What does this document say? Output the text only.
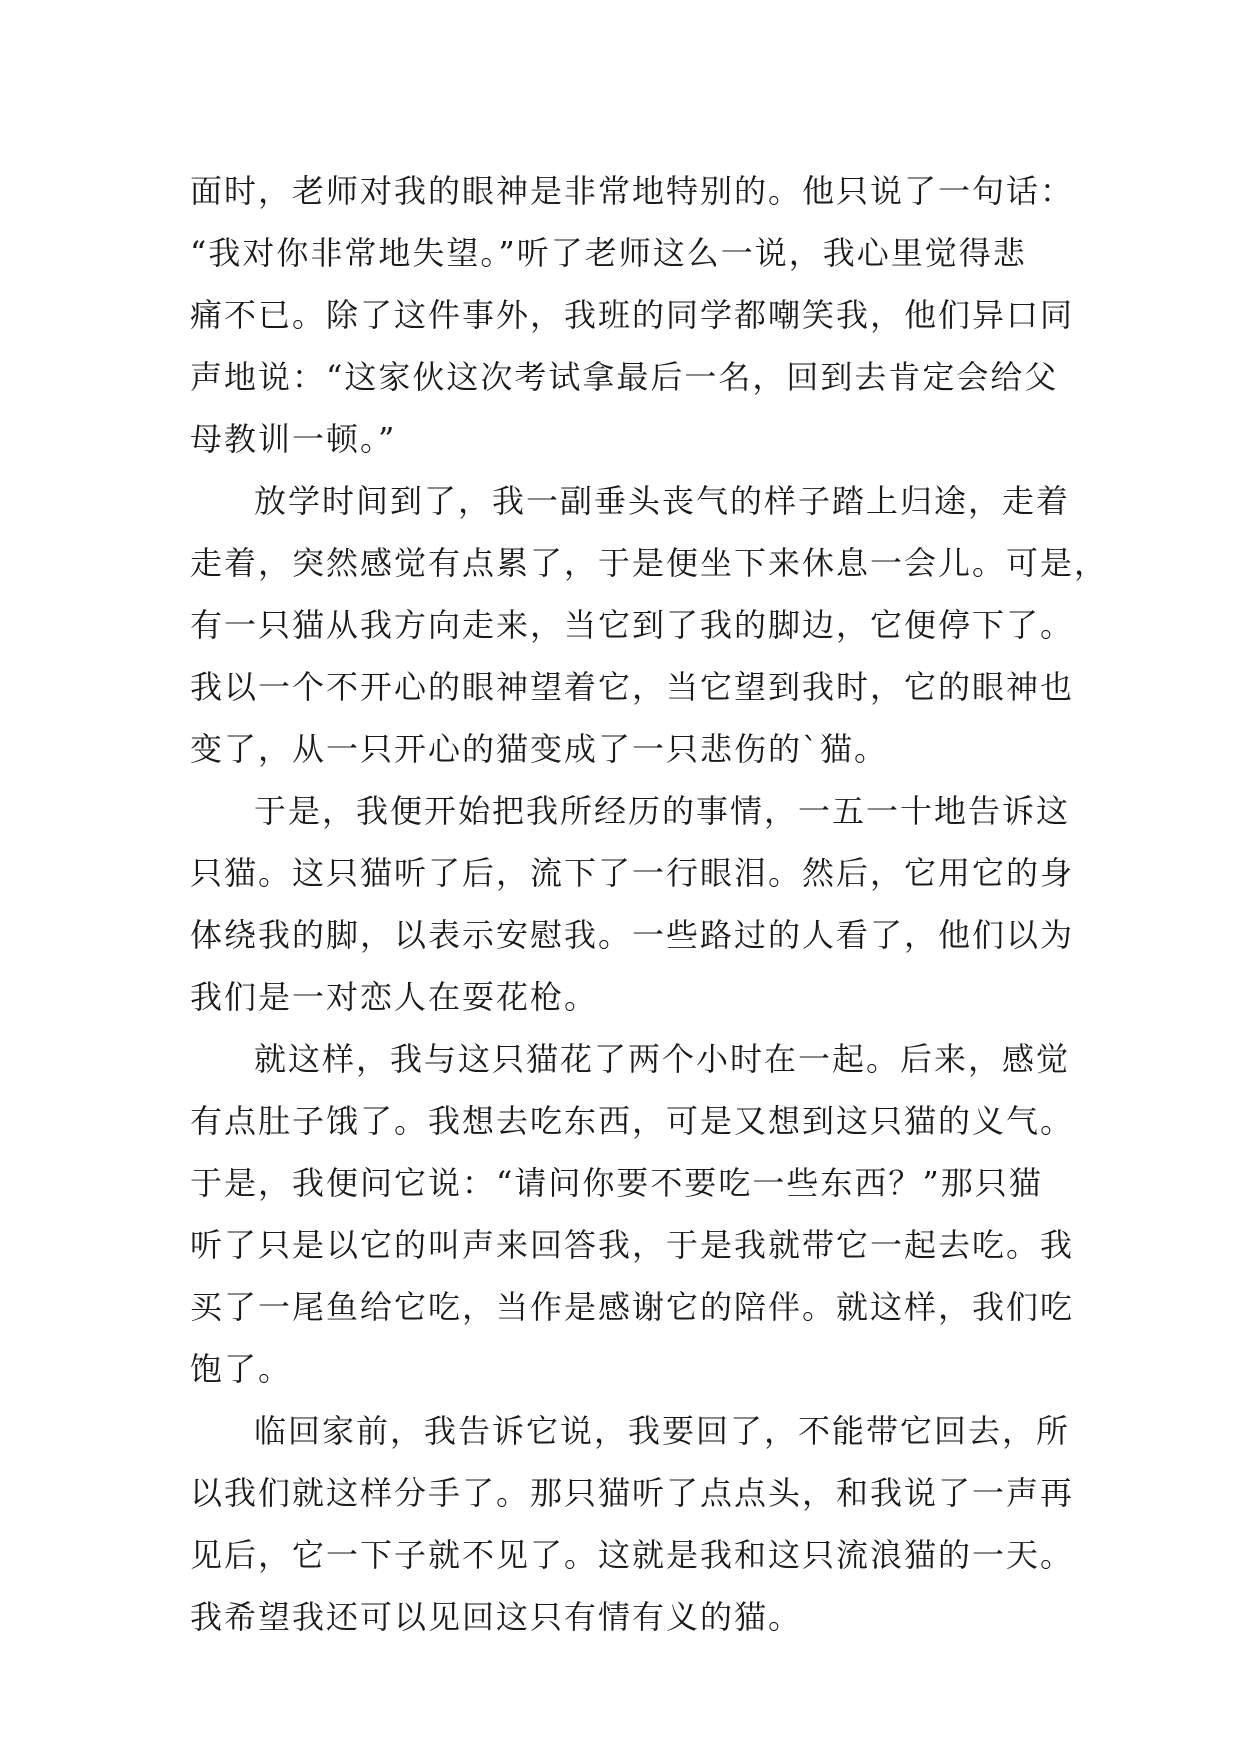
面时，老师对我的眼神是非常地特别的。他只说了一句话：
“我对你非常地失望。”听了老师这么一说，我心里觉得悲
痛不已。除了这件事外，我班的同学都嘲笑我，他们异口同
声地说：“这家伙这次考试拿最后一名，回到去肯定会给父
母教训一顿。”
放学时间到了，我一副垂头丧气的样子踏上归途，走着
走着，突然感觉有点累了，于是便坐下来休息一会儿。可是，
有一只猫从我方向走来，当它到了我的脚边，它便停下了。
我以一个不开心的眼神望着它，当它望到我时，它的眼神也
变了，从一只开心的猫变成了一只悲伤的`猫。
于是，我便开始把我所经历的事情，一五一十地告诉这
只猫。这只猫听了后，流下了一行眼泪。然后，它用它的身
体绕我的脚，以表示安慰我。一些路过的人看了，他们以为
我们是一对恋人在耍花枪。
就这样，我与这只猫花了两个小时在一起。后来，感觉
有点肚子饿了。我想去吃东西，可是又想到这只猫的义气。
于是，我便问它说：“请问你要不要吃一些东西？”那只猫
听了只是以它的叫声来回答我，于是我就带它一起去吃。我
买了一尾鱼给它吃，当作是感谢它的陪伴。就这样，我们吃
饱了。
临回家前，我告诉它说，我要回了，不能带它回去，所
以我们就这样分手了。那只猫听了点点头，和我说了一声再
见后，它一下子就不见了。这就是我和这只流浪猫的一天。
我希望我还可以见回这只有情有义的猫。
